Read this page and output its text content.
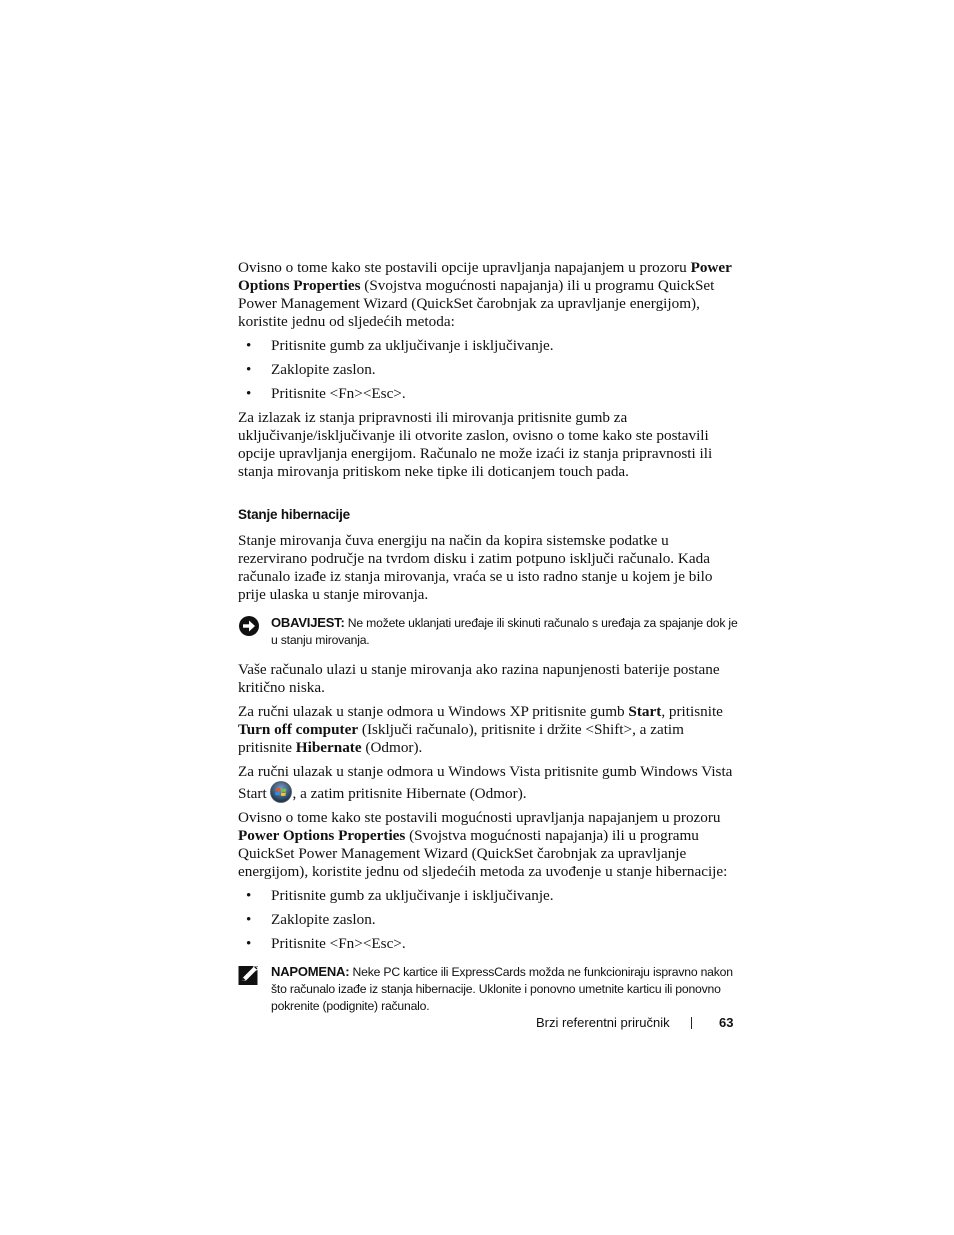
Ovisno o tome kako ste postavili opcije upravljanja napajanjem u prozoru Power Options Properties (Svojstva mogućnosti napajanja) ili u programu QuickSet Power Management Wizard (QuickSet čarobnjak za upravljanje energijom), koristite jednu od sljedećih metoda:

• Pritisnite gumb za uključivanje i isključivanje.
• Zaklopite zaslon.
• Pritisnite <Fn><Esc>.

Za izlazak iz stanja pripravnosti ili mirovanja pritisnite gumb za uključivanje/isključivanje ili otvorite zaslon, ovisno o tome kako ste postavili opcije upravljanja energijom. Računalo ne može izaći iz stanja pripravnosti ili stanja mirovanja pritiskom neke tipke ili doticanjem touch pada.

Stanje hibernacije

Stanje mirovanja čuva energiju na način da kopira sistemske podatke u rezervirano područje na tvrdom disku i zatim potpuno isključi računalo. Kada računalo izađe iz stanja mirovanja, vraća se u isto radno stanje u kojem je bilo prije ulaska u stanje mirovanja.

OBAVIJEST: Ne možete uklanjati uređaje ili skinuti računalo s uređaja za spajanje dok je u stanju mirovanja.

Vaše računalo ulazi u stanje mirovanja ako razina napunjenosti baterije postane kritično niska.

Za ručni ulazak u stanje odmora u Windows XP pritisnite gumb Start, pritisnite Turn off computer (Isključi računalo), pritisnite i držite <Shift>, a zatim pritisnite Hibernate (Odmor).

Za ručni ulazak u stanje odmora u Windows Vista pritisnite gumb Windows Vista Start , a zatim pritisnite Hibernate (Odmor).

Ovisno o tome kako ste postavili mogućnosti upravljanja napajanjem u prozoru Power Options Properties (Svojstva mogućnosti napajanja) ili u programu QuickSet Power Management Wizard (QuickSet čarobnjak za upravljanje energijom), koristite jednu od sljedećih metoda za uvođenje u stanje hibernacije:

• Pritisnite gumb za uključivanje i isključivanje.
• Zaklopite zaslon.
• Pritisnite <Fn><Esc>.
NAPOMENA: Neke PC kartice ili ExpressCards možda ne funkcioniraju ispravno nakon što računalo izađe iz stanja hibernacije. Uklonite i ponovno umetnite karticu ili ponovno pokrenite (podignite) računalo.
Brzi referentni priručnik	63
